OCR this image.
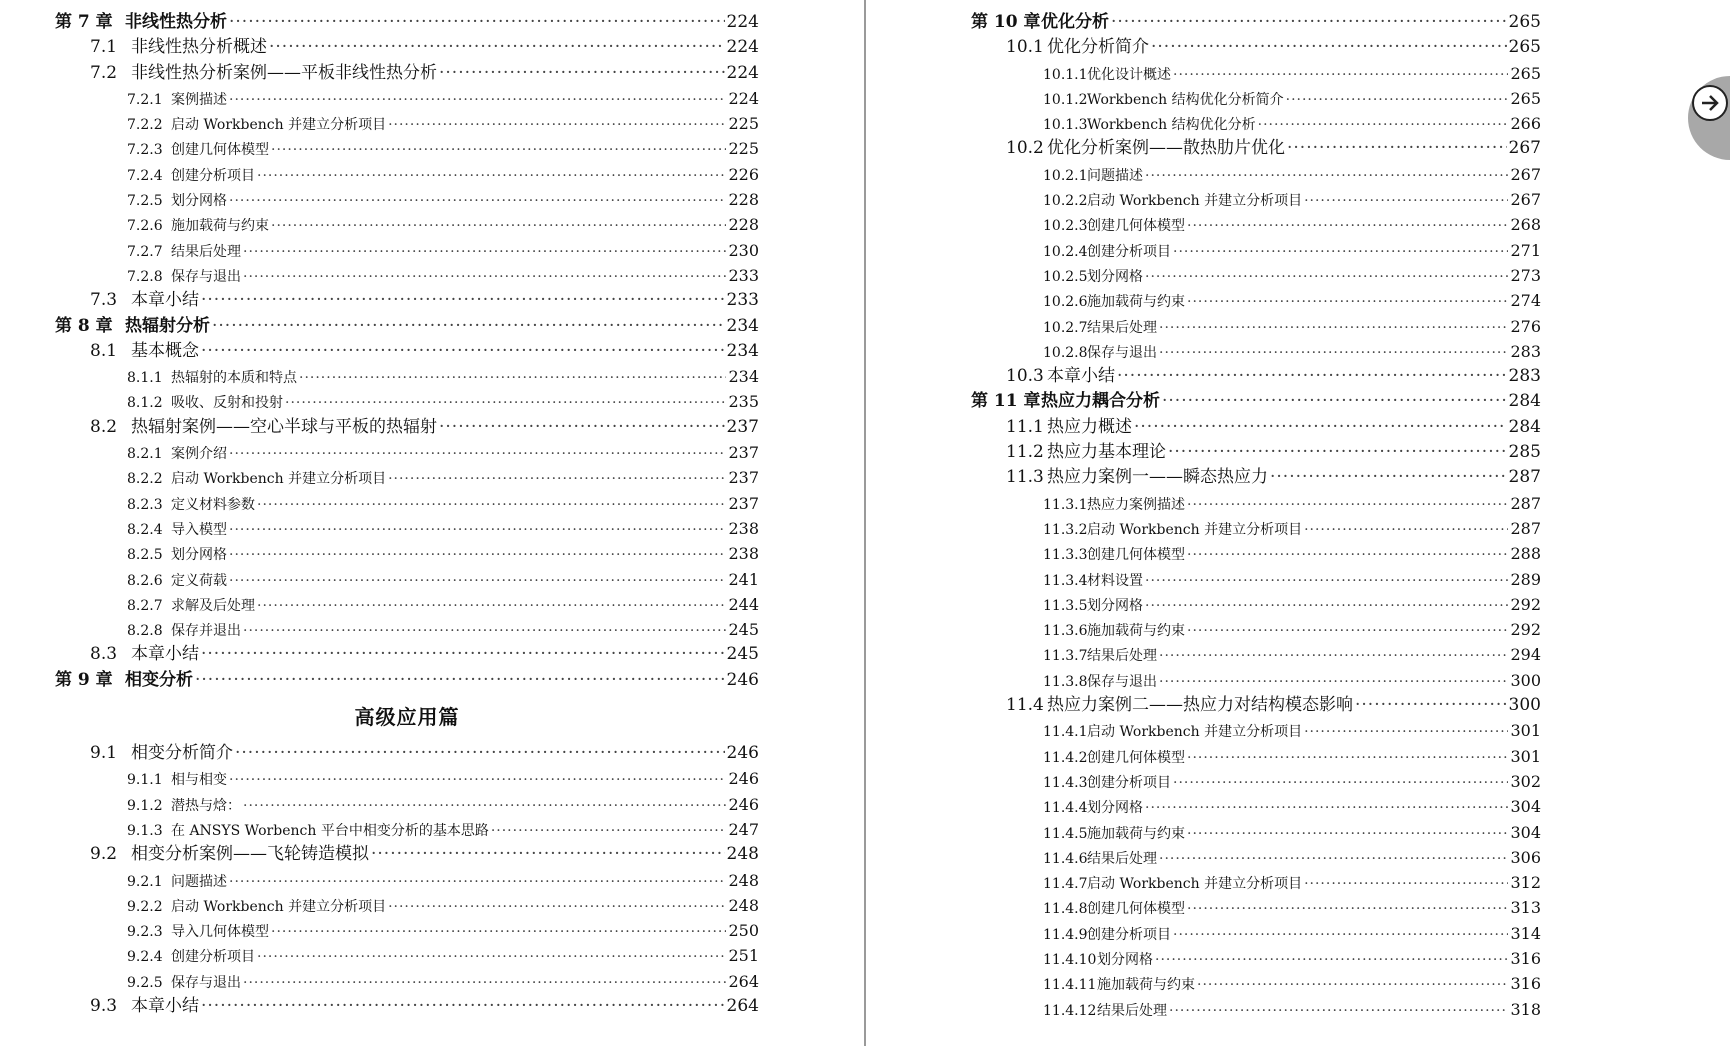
第 7 章 非线性热分析 ·····	224
7.1 非线性热分析概述 ·····	224
7.2 非线性热分析案例——平板非线性热分析 ·····	224
7.2.1 案例描述 ·····	224
7.2.2 启动 Workbench 并建立分析项目 ·····	225
7.2.3 创建几何体模型 ·····	225
7.2.4 创建分析项目 ·····	226
7.2.5 划分网格 ·····	228
7.2.6 施加载荷与约束 ·····	228
7.2.7 结果后处理 ·····	230
7.2.8 保存与退出 ·····	233
7.3 本章小结 ·····	233
第 8 章 热辐射分析 ·····	234
8.1 基本概念 ·····	234
8.1.1 热辐射的本质和特点 ·····	234
8.1.2 吸收、反射和投射 ·····	235
8.2 热辐射案例——空心半球与平板的热辐射 ·····	237
8.2.1 案例介绍 ·····	237
8.2.2 启动 Workbench 并建立分析项目 ·····	237
8.2.3 定义材料参数 ·····	237
8.2.4 导入模型 ·····	238
8.2.5 划分网格 ·····	238
8.2.6 定义荷载 ·····	241
8.2.7 求解及后处理 ·····	244
8.2.8 保存并退出 ·····	245
8.3 本章小结 ·····	245
第 9 章 相变分析 ·····	246
高级应用篇
9.1 相变分析简介 ·····	246
9.1.1 相与相变 ·····	246
9.1.2 潜热与焓： ·····	246
9.1.3 在 ANSYS Worbench 平台中相变分析的基本思路 ·····	247
9.2 相变分析案例——飞轮铸造模拟 ·····	248
9.2.1 问题描述 ·····	248
9.2.2 启动 Workbench 并建立分析项目 ·····	248
9.2.3 导入几何体模型 ·····	250
9.2.4 创建分析项目 ·····	251
9.2.5 保存与退出 ·····	264
9.3 本章小结 ·····	264
第 10 章 优化分析 ·····	265
10.1 优化分析简介 ·····	265
10.1.1 优化设计概述 ·····	265
10.1.2 Workbench 结构优化分析简介 ·····	265
10.1.3 Workbench 结构优化分析 ·····	266
10.2 优化分析案例——散热肋片优化 ·····	267
10.2.1 问题描述 ·····	267
10.2.2 启动 Workbench 并建立分析项目 ·····	267
10.2.3 创建几何体模型 ·····	268
10.2.4 创建分析项目 ·····	271
10.2.5 划分网格 ·····	273
10.2.6 施加载荷与约束 ·····	274
10.2.7 结果后处理 ·····	276
10.2.8 保存与退出 ·····	283
10.3 本章小结 ·····	283
第 11 章 热应力耦合分析 ·····	284
11.1 热应力概述 ·····	284
11.2 热应力基本理论 ·····	285
11.3 热应力案例一——瞬态热应力 ·····	287
11.3.1 热应力案例描述 ·····	287
11.3.2 启动 Workbench 并建立分析项目 ·····	287
11.3.3 创建几何体模型 ·····	288
11.3.4 材料设置 ·····	289
11.3.5 划分网格 ·····	292
11.3.6 施加载荷与约束 ·····	292
11.3.7 结果后处理 ·····	294
11.3.8 保存与退出 ·····	300
11.4 热应力案例二——热应力对结构模态影响 ·····	300
11.4.1 启动 Workbench 并建立分析项目 ·····	301
11.4.2 创建几何体模型 ·····	301
11.4.3 创建分析项目 ·····	302
11.4.4 划分网格 ·····	304
11.4.5 施加载荷与约束 ·····	304
11.4.6 结果后处理 ·····	306
11.4.7 启动 Workbench 并建立分析项目 ·····	312
11.4.8 创建几何体模型 ·····	313
11.4.9 创建分析项目 ·····	314
11.4.10 划分网格 ·····	316
11.4.11 施加载荷与约束 ·····	316
11.4.12 结果后处理 ·····	318
